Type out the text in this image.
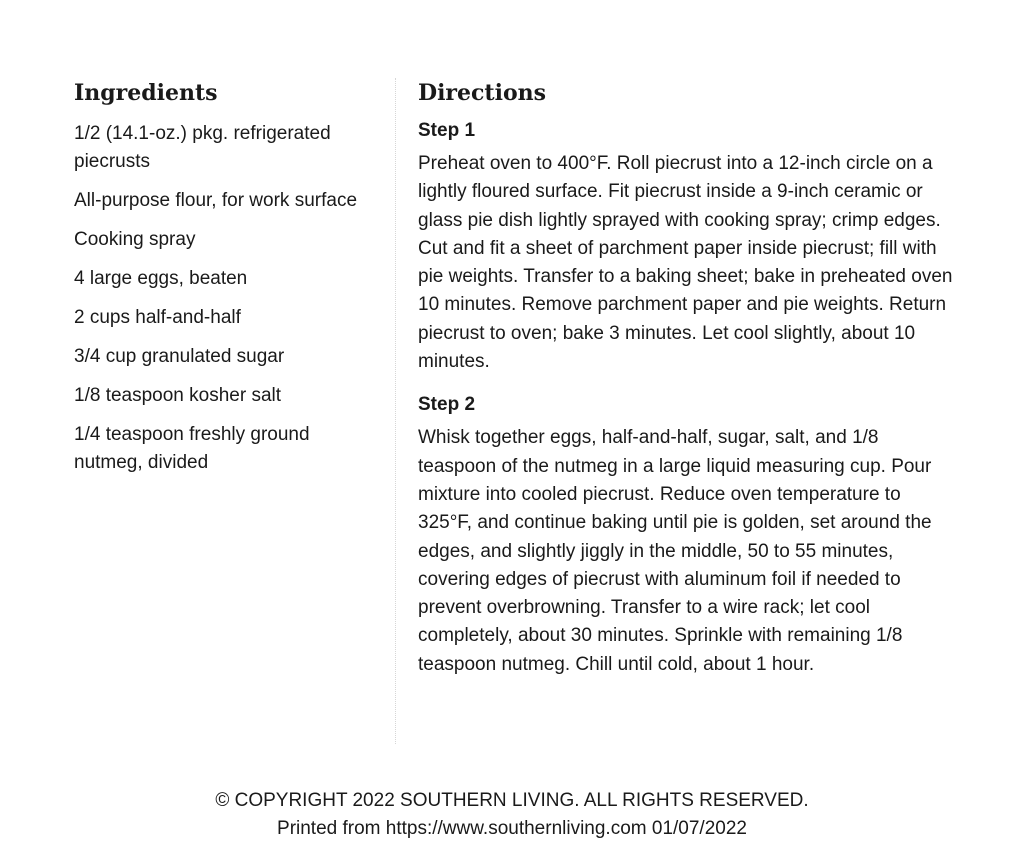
Ingredients
1/2 (14.1-oz.) pkg. refrigerated piecrusts
All-purpose flour, for work surface
Cooking spray
4 large eggs, beaten
2 cups half-and-half
3/4 cup granulated sugar
1/8 teaspoon kosher salt
1/4 teaspoon freshly ground nutmeg, divided
Directions
Step 1

Preheat oven to 400°F. Roll piecrust into a 12-inch circle on a lightly floured surface. Fit piecrust inside a 9-inch ceramic or glass pie dish lightly sprayed with cooking spray; crimp edges. Cut and fit a sheet of parchment paper inside piecrust; fill with pie weights. Transfer to a baking sheet; bake in preheated oven 10 minutes. Remove parchment paper and pie weights. Return piecrust to oven; bake 3 minutes. Let cool slightly, about 10 minutes.

Step 2

Whisk together eggs, half-and-half, sugar, salt, and 1/8 teaspoon of the nutmeg in a large liquid measuring cup. Pour mixture into cooled piecrust. Reduce oven temperature to 325°F, and continue baking until pie is golden, set around the edges, and slightly jiggly in the middle, 50 to 55 minutes, covering edges of piecrust with aluminum foil if needed to prevent overbrowning. Transfer to a wire rack; let cool completely, about 30 minutes. Sprinkle with remaining 1/8 teaspoon nutmeg. Chill until cold, about 1 hour.

© COPYRIGHT 2022 SOUTHERN LIVING. ALL RIGHTS RESERVED.
Printed from https://www.southernliving.com 01/07/2022
